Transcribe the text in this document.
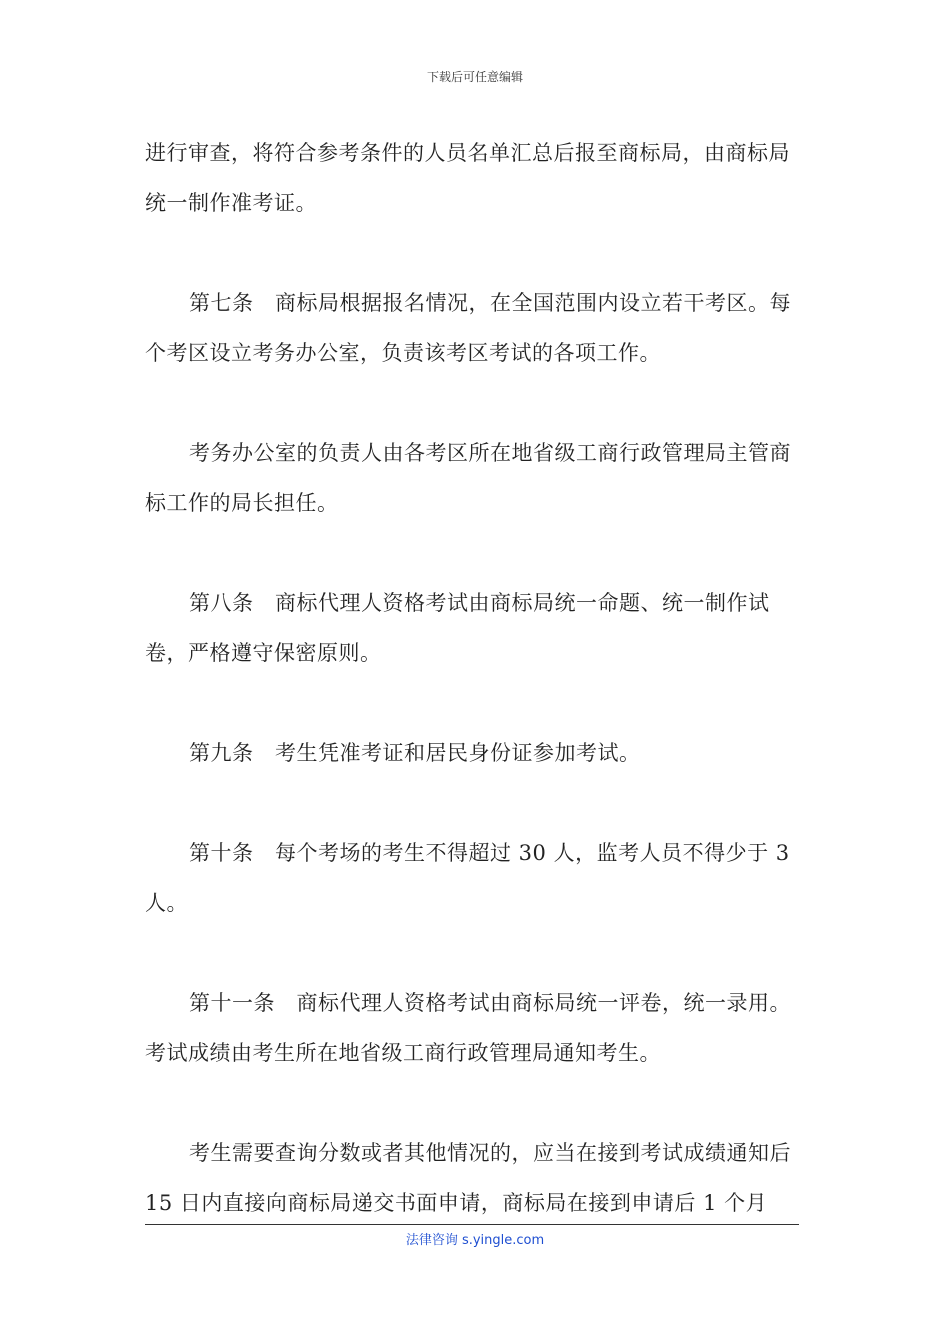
下载后可任意编辑

进行审查，将符合参考条件的人员名单汇总后报至商标局，由商标局统一制作准考证。

第七条　商标局根据报名情况，在全国范围内设立若干考区。每个考区设立考务办公室，负责该考区考试的各项工作。

考务办公室的负责人由各考区所在地省级工商行政管理局主管商标工作的局长担任。

第八条　商标代理人资格考试由商标局统一命题、统一制作试卷，严格遵守保密原则。

第九条　考生凭准考证和居民身份证参加考试。

第十条　每个考场的考生不得超过 30 人，监考人员不得少于 3 人。

第十一条　商标代理人资格考试由商标局统一评卷，统一录用。考试成绩由考生所在地省级工商行政管理局通知考生。

考生需要查询分数或者其他情况的，应当在接到考试成绩通知后 15 日内直接向商标局递交书面申请，商标局在接到申请后 1 个月

法律咨询 s.yingle.com
